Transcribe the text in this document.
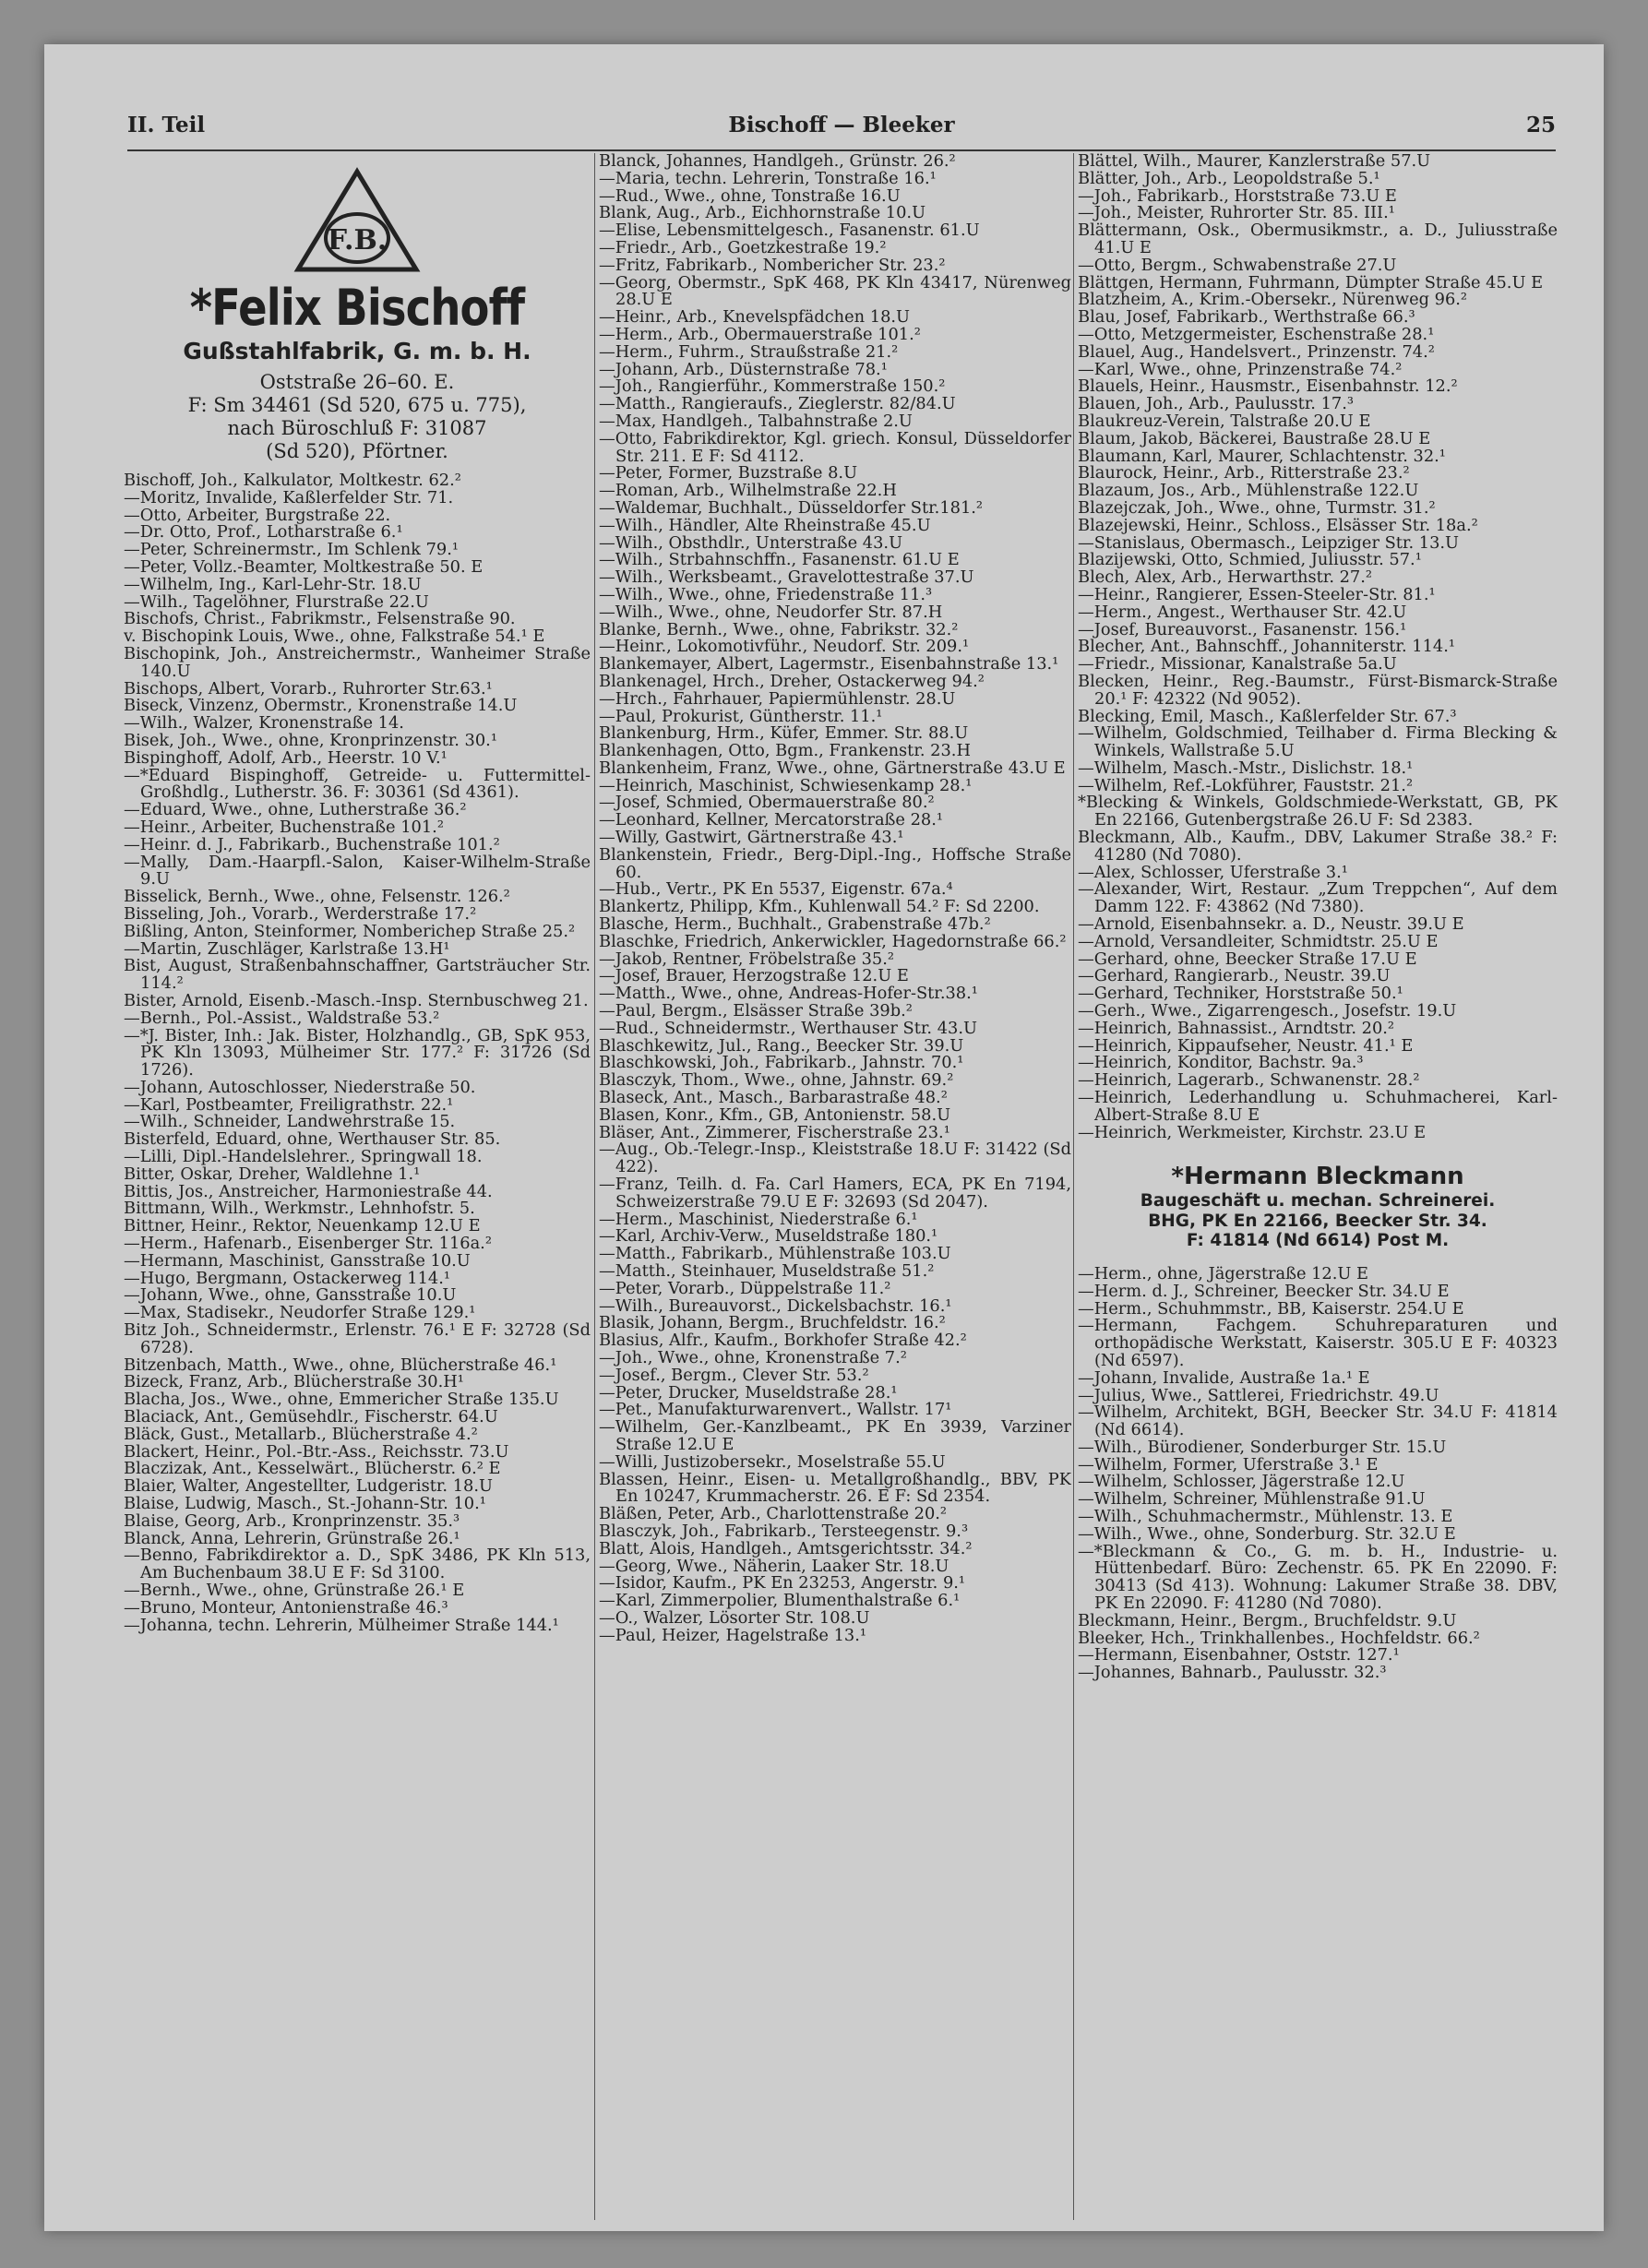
II. Teil	Bischoff — Bleeker	25
F.B.
*Felix Bischoff
Gußstahlfabrik, G. m. b. H.
Oststraße 26–60. E.
F: Sm 34461 (Sd 520, 675 u. 775),
nach Büroschluß F: 31087
(Sd 520), Pförtner.
Bischoff, Joh., Kalkulator, Moltkestr. 62.²
—Moritz, Invalide, Kaßlerfelder Str. 71.
—Otto, Arbeiter, Burgstraße 22.
—Dr. Otto, Prof., Lotharstraße 6.¹
—Peter, Schreinermstr., Im Schlenk 79.¹
—Peter, Vollz.-Beamter, Moltkestraße 50. E
—Wilhelm, Ing., Karl-Lehr-Str. 18.U
—Wilh., Tagelöhner, Flurstraße 22.U
Bischofs, Christ., Fabrikmstr., Felsenstraße 90.
v. Bischopink Louis, Wwe., ohne, Falkstraße 54.¹ E
Bischopink, Joh., Anstreichermstr., Wanheimer Straße 140.U
Bischops, Albert, Vorarb., Ruhrorter Str.63.¹
Biseck, Vinzenz, Obermstr., Kronenstraße 14.U
—Wilh., Walzer, Kronenstraße 14.
Bisek, Joh., Wwe., ohne, Kronprinzenstr. 30.¹
Bispinghoff, Adolf, Arb., Heerstr. 10 V.¹
—*Eduard Bispinghoff, Getreide- u. Futtermittel-Großhdlg., Lutherstr. 36. F: 30361 (Sd 4361).
—Eduard, Wwe., ohne, Lutherstraße 36.²
—Heinr., Arbeiter, Buchenstraße 101.²
—Heinr. d. J., Fabrikarb., Buchenstraße 101.²
—Mally, Dam.-Haarpfl.-Salon, Kaiser-Wilhelm-Straße 9.U
Bisselick, Bernh., Wwe., ohne, Felsenstr. 126.²
Bisseling, Joh., Vorarb., Werderstraße 17.²
Bißling, Anton, Steinformer, Nomberichер Straße 25.²
—Martin, Zuschläger, Karlstraße 13.H¹
Bist, August, Straßenbahnschaffner, Gartsträucher Str. 114.²
Bister, Arnold, Eisenb.-Masch.-Insp. Sternbuschweg 21.
—Bernh., Pol.-Assist., Waldstraße 53.²
—*J. Bister, Inh.: Jak. Bister, Holzhandlg., GB, SpK 953, PK Kln 13093, Mülheimer Str. 177.² F: 31726 (Sd 1726).
—Johann, Autoschlosser, Niederstraße 50.
—Karl, Postbeamter, Freiligrathstr. 22.¹
—Wilh., Schneider, Landwehrstraße 15.
Bisterfeld, Eduard, ohne, Werthauser Str. 85.
—Lilli, Dipl.-Handelslehrer., Springwall 18.
Bitter, Oskar, Dreher, Waldlehne 1.¹
Bittis, Jos., Anstreicher, Harmoniestraße 44.
Bittmann, Wilh., Werkmstr., Lehnhofstr. 5.
Bittner, Heinr., Rektor, Neuenkamp 12.U E
—Herm., Hafenarb., Eisenberger Str. 116a.²
—Hermann, Maschinist, Gansstraße 10.U
—Hugo, Bergmann, Ostackerweg 114.¹
—Johann, Wwe., ohne, Gansstraße 10.U
—Max, Stadisekr., Neudorfer Straße 129.¹
Bitz Joh., Schneidermstr., Erlenstr. 76.¹ E F: 32728 (Sd 6728).
Bitzenbach, Matth., Wwe., ohne, Blücherstraße 46.¹
Bizeck, Franz, Arb., Blücherstraße 30.H¹
Blacha, Jos., Wwe., ohne, Emmericher Straße 135.U
Blaciack, Ant., Gemüsehdlr., Fischerstr. 64.U
Bläck, Gust., Metallarb., Blücherstraße 4.²
Blackert, Heinr., Pol.-Btr.-Ass., Reichsstr. 73.U
Blaczizak, Ant., Kesselwärt., Blücherstr. 6.² E
Blaier, Walter, Angestellter, Ludgeristr. 18.U
Blaise, Ludwig, Masch., St.-Johann-Str. 10.¹
Blaise, Georg, Arb., Kronprinzenstr. 35.³
Blanck, Anna, Lehrerin, Grünstraße 26.¹
—Benno, Fabrikdirektor a. D., SpK 3486, PK Kln 513, Am Buchenbaum 38.U E F: Sd 3100.
—Bernh., Wwe., ohne, Grünstraße 26.¹ E
—Bruno, Monteur, Antonienstraße 46.³
—Johanna, techn. Lehrerin, Mülheimer Straße 144.¹
Blanck, Johannes, Handlgeh., Grünstr. 26.²
—Maria, techn. Lehrerin, Tonstraße 16.¹
—Rud., Wwe., ohne, Tonstraße 16.U
Blank, Aug., Arb., Eichhornstraße 10.U
—Elise, Lebensmittelgesch., Fasanenstr. 61.U
—Friedr., Arb., Goetzkestraße 19.²
—Fritz, Fabrikarb., Nomberichеr Str. 23.²
—Georg, Obermstr., SpK 468, PK Kln 43417, Nürenweg 28.U E
—Heinr., Arb., Knevelspfädchen 18.U
—Herm., Arb., Obermauerstraße 101.²
—Herm., Fuhrm., Straußstraße 21.²
—Johann, Arb., Düsternstraße 78.¹
—Joh., Rangierführ., Kommerstraße 150.²
—Matth., Rangieraufs., Zieglerstr. 82/84.U
—Max, Handlgeh., Talbahnstraße 2.U
—Otto, Fabrikdirektor, Kgl. griech. Konsul, Düsseldorfer Str. 211. E F: Sd 4112.
—Peter, Former, Buzstraße 8.U
—Roman, Arb., Wilhelmstraße 22.H
—Waldemar, Buchhalt., Düsseldorfer Str.181.²
—Wilh., Händler, Alte Rheinstraße 45.U
—Wilh., Obsthdlr., Unterstraße 43.U
—Wilh., Strbahnschffn., Fasanenstr. 61.U E
—Wilh., Werksbeamt., Gravelottestraße 37.U
—Wilh., Wwe., ohne, Friedenstraße 11.³
—Wilh., Wwe., ohne, Neudorfer Str. 87.H
Blanke, Bernh., Wwe., ohne, Fabrikstr. 32.²
—Heinr., Lokomotivführ., Neudorf. Str. 209.¹
Blankemayer, Albert, Lagermstr., Eisenbahnstraße 13.¹
Blankenagel, Hrch., Dreher, Ostackerweg 94.²
—Hrch., Fahrhauer, Papiermühlenstr. 28.U
—Paul, Prokurist, Güntherstr. 11.¹
Blankenburg, Hrm., Küfer, Emmer. Str. 88.U
Blankenhagen, Otto, Bgm., Frankenstr. 23.H
Blankenheim, Franz, Wwe., ohne, Gärtnerstraße 43.U E
—Heinrich, Maschinist, Schwiesenkamp 28.¹
—Josef, Schmied, Obermauerstraße 80.²
—Leonhard, Kellner, Mercatorstraße 28.¹
—Willy, Gastwirt, Gärtnerstraße 43.¹
Blankenstein, Friedr., Berg-Dipl.-Ing., Hoffsche Straße 60.
—Hub., Vertr., PK En 5537, Eigenstr. 67a.⁴
Blankertz, Philipp, Kfm., Kuhlenwall 54.² F: Sd 2200.
Blasche, Herm., Buchhalt., Grabenstraße 47b.²
Blaschke, Friedrich, Ankerwickler, Hagedornstraße 66.²
—Jakob, Rentner, Fröbelstraße 35.²
—Josef, Brauer, Herzogstraße 12.U E
—Matth., Wwe., ohne, Andreas-Hofer-Str.38.¹
—Paul, Bergm., Elsässer Straße 39b.²
—Rud., Schneidermstr., Werthauser Str. 43.U
Blaschkewitz, Jul., Rang., Beecker Str. 39.U
Blaschkowski, Joh., Fabrikarb., Jahnstr. 70.¹
Blasczyk, Thom., Wwe., ohne, Jahnstr. 69.²
Blaseck, Ant., Masch., Barbarastraße 48.²
Blasen, Konr., Kfm., GB, Antonienstr. 58.U
Bläser, Ant., Zimmerer, Fischerstraße 23.¹
—Aug., Ob.-Telegr.-Insp., Kleiststraße 18.U F: 31422 (Sd 422).
—Franz, Teilh. d. Fa. Carl Hamers, ECA, PK En 7194, Schweizerstraße 79.U E F: 32693 (Sd 2047).
—Herm., Maschinist, Niederstraße 6.¹
—Karl, Archiv-Verw., Museldstraße 180.¹
—Matth., Fabrikarb., Mühlenstraße 103.U
—Matth., Steinhauer, Museldstraße 51.²
—Peter, Vorarb., Düppelstraße 11.²
—Wilh., Bureauvorst., Dickelsbachstr. 16.¹
Blasik, Johann, Bergm., Bruchfeldstr. 16.²
Blasius, Alfr., Kaufm., Borkhofer Straße 42.²
—Joh., Wwe., ohne, Kronenstraße 7.²
—Josef., Bergm., Clever Str. 53.²
—Peter, Drucker, Museldstraße 28.¹
—Pet., Manufakturwarenvert., Wallstr. 17¹
—Wilhelm, Ger.-Kanzlbeamt., PK En 3939, Varziner Straße 12.U E
—Willi, Justizobersekr., Moselstraße 55.U
Blassen, Heinr., Eisen- u. Metallgroßhandlg., BBV, PK En 10247, Krummacherstr. 26. E F: Sd 2354.
Bläßen, Peter, Arb., Charlottenstraße 20.²
Blasczyk, Joh., Fabrikarb., Tersteegenstr. 9.³
Blatt, Alois, Handlgeh., Amtsgerichtsstr. 34.²
—Georg, Wwe., Näherin, Laaker Str. 18.U
—Isidor, Kaufm., PK En 23253, Angerstr. 9.¹
—Karl, Zimmerpolier, Blumenthalstraße 6.¹
—O., Walzer, Lösorter Str. 108.U
—Paul, Heizer, Hagelstraße 13.¹
Blättel, Wilh., Maurer, Kanzlerstraße 57.U
Blätter, Joh., Arb., Leopoldstraße 5.¹
—Joh., Fabrikarb., Horststraße 73.U E
—Joh., Meister, Ruhrorter Str. 85. III.¹
Blättermann, Osk., Obermusikmstr., a. D., Juliusstraße 41.U E
—Otto, Bergm., Schwabenstraße 27.U
Blättgen, Hermann, Fuhrmann, Dümpter Straße 45.U E
Blatzheim, A., Krim.-Obersekr., Nürenweg 96.²
Blau, Josef, Fabrikarb., Werthstraße 66.³
—Otto, Metzgermeister, Eschenstraße 28.¹
Blauel, Aug., Handelsvert., Prinzenstr. 74.²
—Karl, Wwe., ohne, Prinzenstraße 74.²
Blauels, Heinr., Hausmstr., Eisenbahnstr. 12.²
Blauen, Joh., Arb., Paulusstr. 17.³
Blaukreuz-Verein, Talstraße 20.U E
Blaum, Jakob, Bäckerei, Baustraße 28.U E
Blaumann, Karl, Maurer, Schlachtenstr. 32.¹
Blaurock, Heinr., Arb., Ritterstraße 23.²
Blazaum, Jos., Arb., Mühlenstraße 122.U
Blazejczak, Joh., Wwe., ohne, Turmstr. 31.²
Blazejewski, Heinr., Schloss., Elsässer Str. 18a.²
—Stanislaus, Obermasch., Leipziger Str. 13.U
Blazijewski, Otto, Schmied, Juliusstr. 57.¹
Blech, Alex, Arb., Herwarthstr. 27.²
—Heinr., Rangierer, Essen-Steeler-Str. 81.¹
—Herm., Angest., Werthauser Str. 42.U
—Josef, Bureauvorst., Fasanenstr. 156.¹
Blecher, Ant., Bahnschff., Johanniterstr. 114.¹
—Friedr., Missionar, Kanalstraße 5a.U
Blecken, Heinr., Reg.-Baumstr., Fürst-Bismarck-Straße 20.¹ F: 42322 (Nd 9052).
Blecking, Emil, Masch., Kaßlerfelder Str. 67.³
—Wilhelm, Goldschmied, Teilhaber d. Firma Blecking & Winkels, Wallstraße 5.U
—Wilhelm, Masch.-Mstr., Dislichstr. 18.¹
—Wilhelm, Ref.-Lokführer, Fauststr. 21.²
*Blecking & Winkels, Goldschmiede-Werkstatt, GB, PK En 22166, Gutenbergstraße 26.U F: Sd 2383.
Bleckmann, Alb., Kaufm., DBV, Lakumer Straße 38.² F: 41280 (Nd 7080).
—Alex, Schlosser, Uferstraße 3.¹
—Alexander, Wirt, Restaur. „Zum Treppchen“, Auf dem Damm 122. F: 43862 (Nd 7380).
—Arnold, Eisenbahnsekr. a. D., Neustr. 39.U E
—Arnold, Versandleiter, Schmidtstr. 25.U E
—Gerhard, ohne, Beecker Straße 17.U E
—Gerhard, Rangierarb., Neustr. 39.U
—Gerhard, Techniker, Horststraße 50.¹
—Gerh., Wwe., Zigarrengesch., Josefstr. 19.U
—Heinrich, Bahnassist., Arndtstr. 20.²
—Heinrich, Kippaufseher, Neustr. 41.¹ E
—Heinrich, Konditor, Bachstr. 9a.³
—Heinrich, Lagerarb., Schwanenstr. 28.²
—Heinrich, Lederhandlung u. Schuhmacherei, Karl-Albert-Straße 8.U E
—Heinrich, Werkmeister, Kirchstr. 23.U E
*Hermann Bleckmann
Baugeschäft u. mechan. Schreinerei.
BHG, PK En 22166, Beecker Str. 34.
F: 41814 (Nd 6614) Post M.
—Herm., ohne, Jägerstraße 12.U E
—Herm. d. J., Schreiner, Beecker Str. 34.U E
—Herm., Schuhmmstr., BB, Kaiserstr. 254.U E
—Hermann, Fachgem. Schuhreparaturen und orthopädische Werkstatt, Kaiserstr. 305.U E F: 40323 (Nd 6597).
—Johann, Invalide, Austraße 1a.¹ E
—Julius, Wwe., Sattlerei, Friedrichstr. 49.U
—Wilhelm, Architekt, BGH, Beecker Str. 34.U F: 41814 (Nd 6614).
—Wilh., Bürodiener, Sonderburger Str. 15.U
—Wilhelm, Former, Uferstraße 3.¹ E
—Wilhelm, Schlosser, Jägerstraße 12.U
—Wilhelm, Schreiner, Mühlenstraße 91.U
—Wilh., Schuhmachermstr., Mühlenstr. 13. E
—Wilh., Wwe., ohne, Sonderburg. Str. 32.U E
—*Bleckmann & Co., G. m. b. H., Industrie- u. Hüttenbedarf. Büro: Zechenstr. 65. PK En 22090. F: 30413 (Sd 413). Wohnung: Lakumer Straße 38. DBV, PK En 22090. F: 41280 (Nd 7080).
Bleckmann, Heinr., Bergm., Bruchfeldstr. 9.U
Bleeker, Hch., Trinkhallenbes., Hochfeldstr. 66.²
—Hermann, Eisenbahner, Oststr. 127.¹
—Johannes, Bahnarb., Paulusstr. 32.³
